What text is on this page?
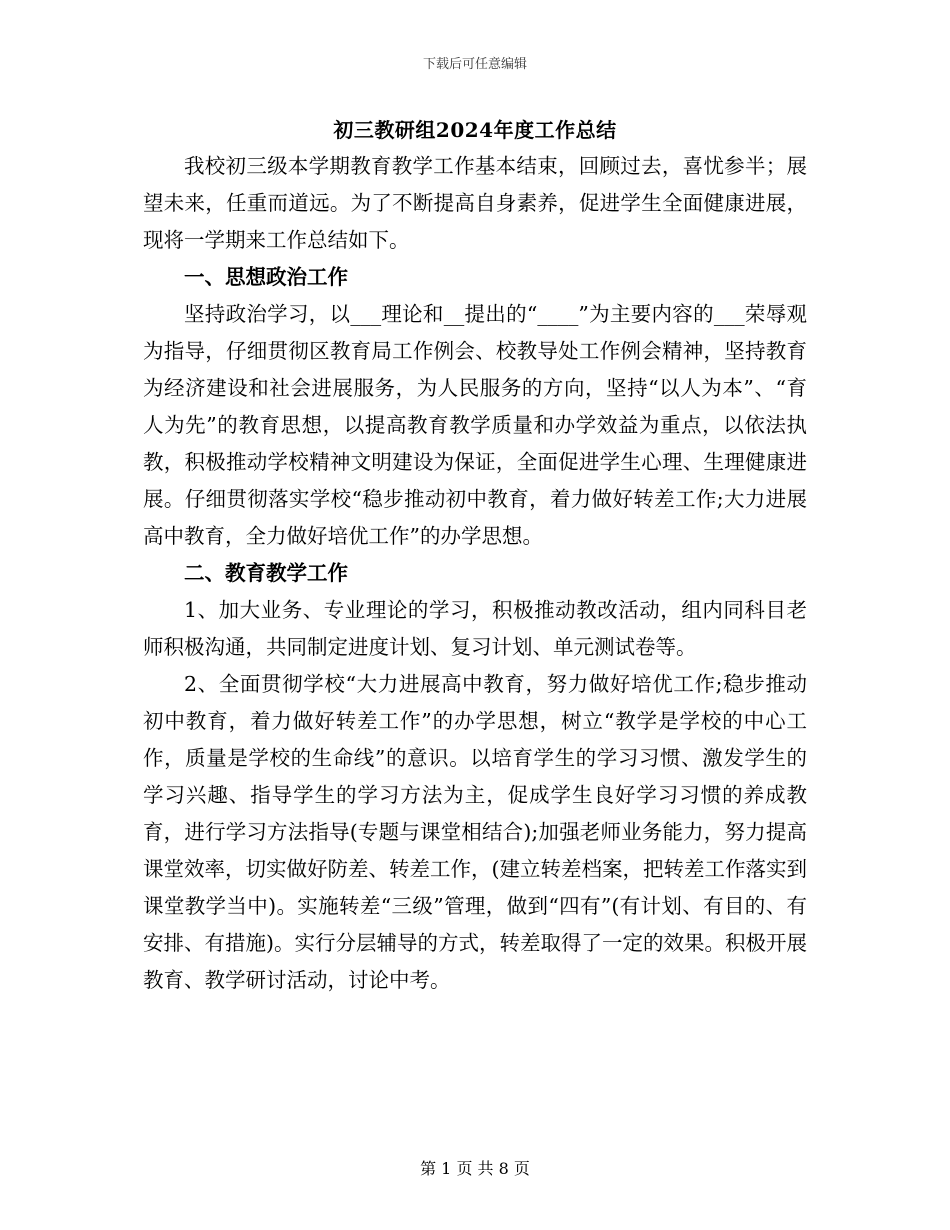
下载后可任意编辑
初三教研组2024年度工作总结

我校初三级本学期教育教学工作基本结束，回顾过去，喜忧参半；展望未来，任重而道远。为了不断提高自身素养，促进学生全面健康进展，现将一学期来工作总结如下。

一、思想政治工作

坚持政治学习，以___理论和__提出的“____”为主要内容的___荣辱观为指导，仔细贯彻区教育局工作例会、校教导处工作例会精神，坚持教育为经济建设和社会进展服务，为人民服务的方向，坚持“以人为本”、“育人为先”的教育思想，以提高教育教学质量和办学效益为重点，以依法执教，积极推动学校精神文明建设为保证，全面促进学生心理、生理健康进展。仔细贯彻落实学校“稳步推动初中教育，着力做好转差工作;大力进展高中教育，全力做好培优工作”的办学思想。

二、教育教学工作

1、加大业务、专业理论的学习，积极推动教改活动，组内同科目老师积极沟通，共同制定进度计划、复习计划、单元测试卷等。

2、全面贯彻学校“大力进展高中教育，努力做好培优工作;稳步推动初中教育，着力做好转差工作”的办学思想，树立“教学是学校的中心工作，质量是学校的生命线”的意识。以培育学生的学习习惯、激发学生的学习兴趣、指导学生的学习方法为主，促成学生良好学习习惯的养成教育，进行学习方法指导(专题与课堂相结合);加强老师业务能力，努力提高课堂效率，切实做好防差、转差工作，(建立转差档案，把转差工作落实到课堂教学当中)。实施转差“三级”管理，做到“四有”(有计划、有目的、有安排、有措施)。实行分层辅导的方式，转差取得了一定的效果。积极开展教育、教学研讨活动，讨论中考。

第 1 页 共 8 页
